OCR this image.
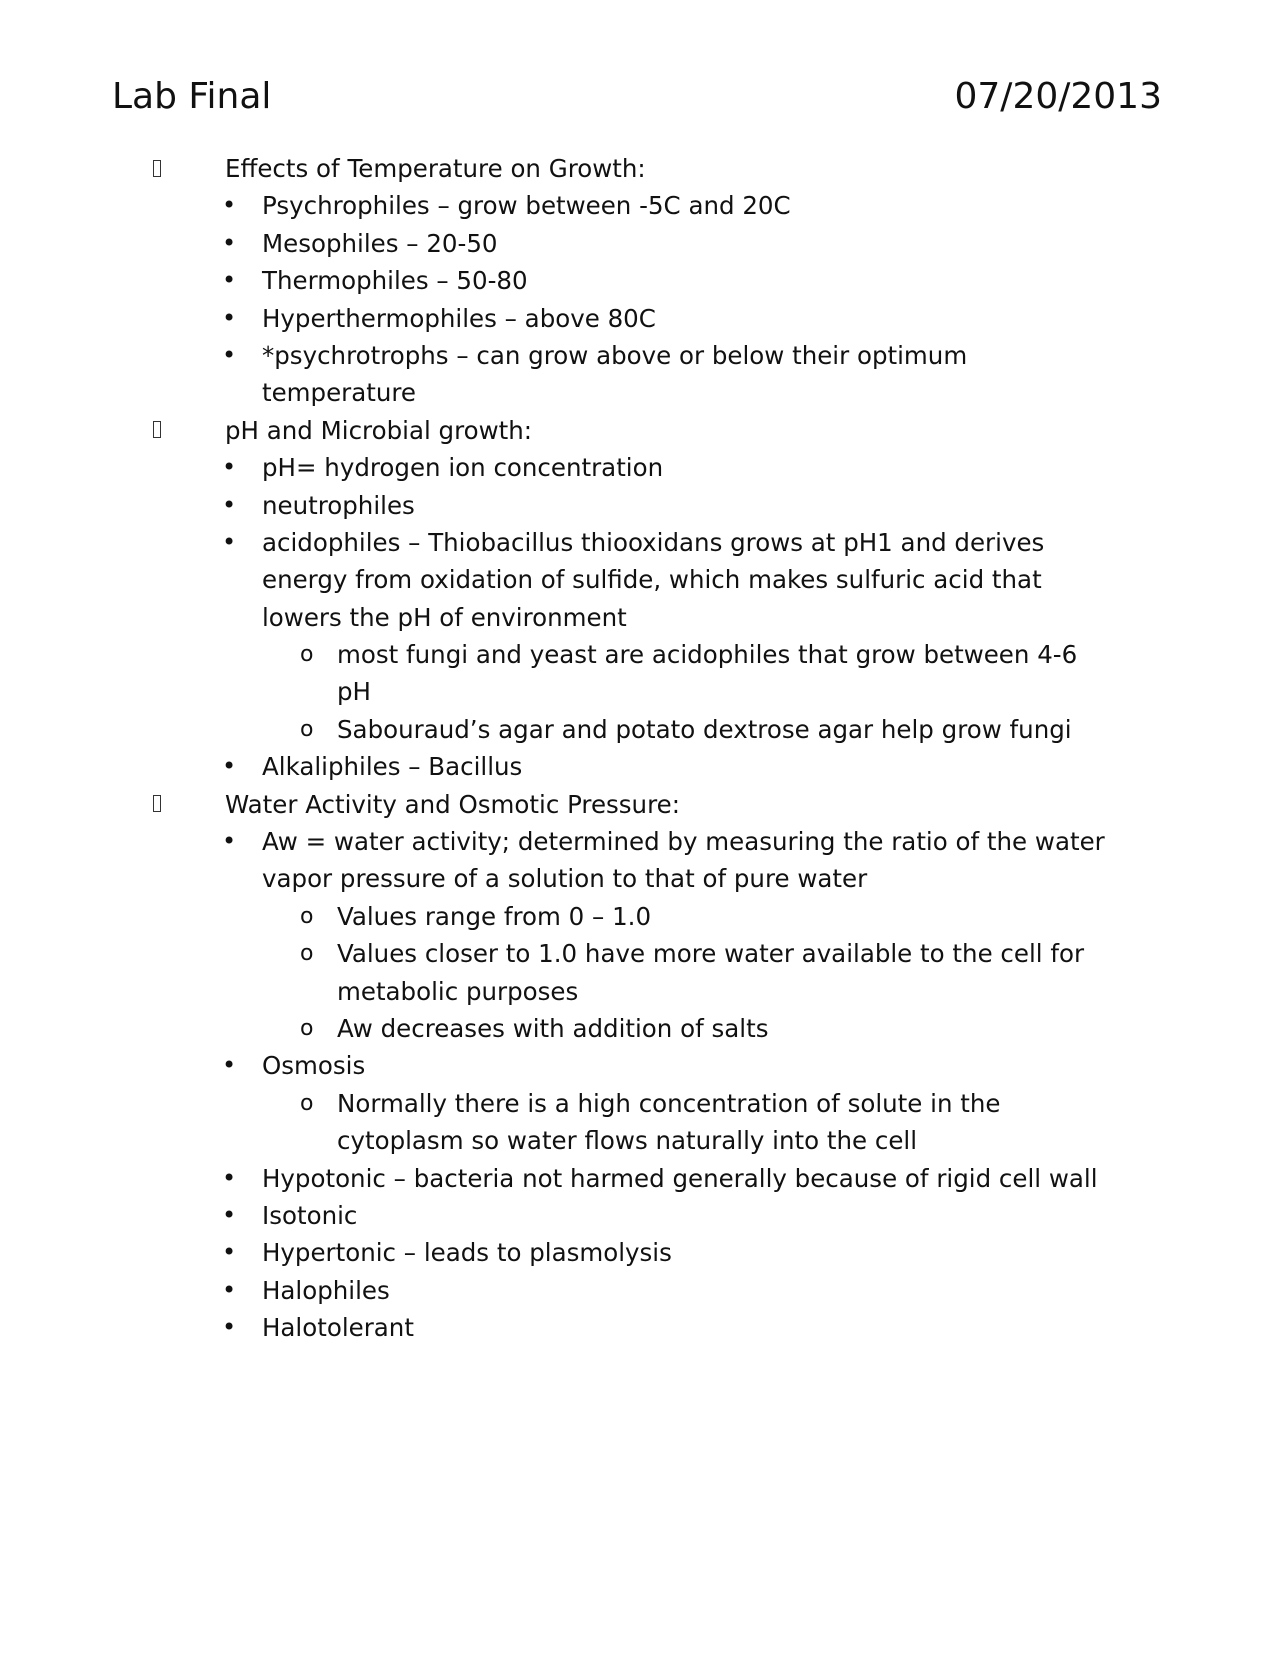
Lab Final	07/20/2013
Effects of Temperature on Growth:
• Psychrophiles – grow between -5C and 20C
• Mesophiles – 20-50
• Thermophiles – 50-80
• Hyperthermophiles – above 80C
• *psychrotrophs – can grow above or below their optimum
temperature
pH and Microbial growth:
• pH= hydrogen ion concentration
• neutrophiles
• acidophiles – Thiobacillus thiooxidans grows at pH1 and derives
energy from oxidation of sulfide, which makes sulfuric acid that
lowers the pH of environment
o most fungi and yeast are acidophiles that grow between 4-6
pH
o Sabouraud’s agar and potato dextrose agar help grow fungi
• Alkaliphiles – Bacillus
Water Activity and Osmotic Pressure:
• Aw = water activity; determined by measuring the ratio of the water
vapor pressure of a solution to that of pure water
o Values range from 0 – 1.0
o Values closer to 1.0 have more water available to the cell for
metabolic purposes
o Aw decreases with addition of salts
• Osmosis
o Normally there is a high concentration of solute in the
cytoplasm so water flows naturally into the cell
• Hypotonic – bacteria not harmed generally because of rigid cell wall
• Isotonic
• Hypertonic – leads to plasmolysis
• Halophiles
• Halotolerant
